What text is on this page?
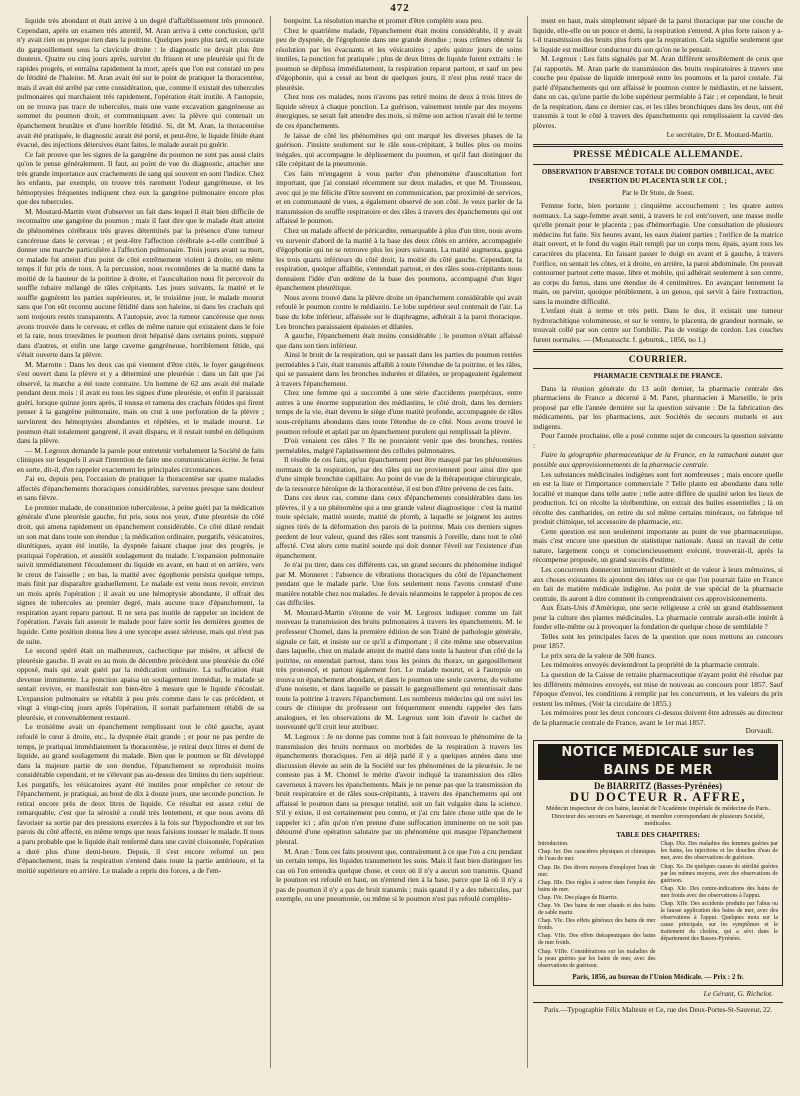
472

liquide très abondant et était arrivé à un degré d'affaiblissement très prononcé. Cependant, après un examen très attentif, M. Aran arriva à cette conclusion, qu'il n'y avait rien ou presque rien dans la poitrine. Quelques jours plus tard, on constate du gargouillement sous la clavicule droite : le diagnostic ne devait plus être douteux. Quatre ou cinq jours après, survint du frisson et une pleurésie qui fit de rapides progrès, et entraîna rapidement la mort, après que l'on eut constaté un peu de fétidité de l'haleine. M. Aran avait été sur le point de pratiquer la thoracentèse, mais il avait été arrêté par cette considération, que, comme il existait des tubercules pulmonaires qui marchaient très rapidement, l'opération était inutile. A l'autopsie, on ne trouva pas trace de tubercules, mais une vaste excavation gangréneuse au sommet du poumon droit, et communiquant avec la plèvre qui contenait un épanchement brunâtre et d'une horrible fétidité. Si, dit M. Aran, la thoracentèse avait été pratiquée, le diagnostic aurait été porté, et peut-être, le liquide fétide étant évacué, des injections détersives étant faites, le malade aurait pu guérir.

Ce fait prouve que les signes de la gangrène du poumon ne sont pas aussi clairs qu'on le pense généralement. Il faut, au point de vue du diagnostic, attacher une très grande importance aux crachements de sang qui souvent en sont l'indice. Chez les enfants, par exemple, on trouve très rarement l'odeur gangréneuse, et les hémoptysies fréquentes indiquent chez eux la gangrène pulmonaire encore plus que des tubercules.

M. Moutard-Martin vient d'observer un fait dans lequel il était bien difficile de reconnaître une gangrène du poumon ; mais il faut dire que le malade était atteint de phénomènes cérébraux très graves déterminés par la présence d'une tumeur cancéreuse dans le cerveau ; et peut-être l'affection cérébrale a-t-elle contribué à donner une marche particulière à l'affection pulmonaire. Trois jours avant sa mort, ce malade fut atteint d'un point de côté extrêmement violent à droite, en même temps il fut pris de toux. A la percussion, nous reconnûmes de la matité dans la moitié de la hauteur de la poitrine à droite, et l'auscultation nous fit percevoir du souffle tubaire mélangé de râles crépitants. Les jours suivants, la matité et le souffle gagnèrent les parties supérieures, et, le troisième jour, le malade mourut sans que l'on eût reconnu aucune fétidité dans son haleine, ni dans les crachats qui sont toujours restés transparents. A l'autopsie, avec la tumeur cancéreuse que nous avons trouvée dans le cerveau, et celles de même nature qui existaient dans le foie et la rate, nous trouvâmes le poumon droit hépatisé dans certains points, suppuré dans d'autres, et enfin une large caverne gangréneuse, horriblement fétide, qui s'était ouverte dans la plèvre.

M. Marrotte : Dans les deux cas qui viennent d'être cités, le foyer gangréneux s'est ouvert dans la plèvre et y a déterminé une pleurésie : dans un fait que j'ai observé, la marche a été toute contraire. Un homme de 62 ans avait été malade pendant deux mois : il avait eu tous les signes d'une pleurésie, et enfin il paraissait guéri, lorsque quinze jours après, il toussa et ramena des crachats fétides qui firent penser à la gangrène pulmonaire, mais on crut à une perforation de la plèvre ; survinrent des hémoptysies abondantes et répétées, et le malade mourut. Le poumon était totalement gangrené, il avait disparu, et il restait tombé en déliquium dans la plèvre.

— M. Legroux demande la parole pour entretenir verbalement la Société de faits cliniques sur lesquels il avait l'intention de faire une communication écrite. Je ferai en sorte, dit-il, d'en rappeler exactement les principales circonstances.

J'ai eu, depuis peu, l'occasion de pratiquer la thoracentèse sur quatre malades affectés d'épanchements thoraciques considérables, survenus presque sans douleur et sans fièvre.

Le premier malade, de constitution tuberculeuse, à peine guéri par la médication générale d'une pleurésie gauche, fut pris, sous nos yeux, d'une pleurésie du côté droit, qui amena rapidement un épanchement considérable. Ce côté dilaté rendait un son mat dans toute son étendue ; la médication ordinaire, purgatifs, vésicatoires, diurétiques, ayant été inutile, la dyspnée faisant chaque jour des progrès, je pratiquai l'opération, et aussitôt soulagement du malade. L'expansion pulmonaire suivit immédiatement l'écoulement du liquide en avant, en haut et en arrière, vers le creux de l'aisselle ; en bas, la matité avec égophonie persista quelque temps, mais finit par disparaître graduellement. Le malade est venu nous revoir, environ un mois après l'opération ; il avait eu une hémoptysie abondante, il offrait des signes de tubercules au premier degré, mais aucune trace d'épanchement, la respiration ayant reparu partout. Il ne sera pas inutile de rappeler un incident de l'opération. J'avais fait asseoir le malade pour faire sortir les dernières gouttes de liquide. Cette position donna lieu à une syncope assez sérieuse, mais qui n'eut pas de suite.

Le second opéré était un malheureux, cachectique par misère, et affecté de pleurésie gauche. Il avait eu au mois de décembre précédent une pleurésie du côté opposé, mais qui avait guéri par la médication ordinaire. La suffocation était devenue imminente. La ponction apaisa un soulagement immédiat, le malade se sentait revivre, et manifestait son bien-être à mesure que le liquide s'écoulait. L'expansion pulmonaire se rétablit à peu près comme dans le cas précédent, et vingt à vingt-cinq jours après l'opération, il sortait parfaitement rétabli de sa pleurésie, et convenablement restauré.

Le troisième avait un épanchement remplissant tout le côté gauche, ayant refoulé le cœur à droite, etc., la dyspnée était grande ; et pour ne pas perdre de temps, je pratiquai immédiatement la thoracentèse, je retirai deux litres et demi de liquide, au grand soulagement du malade. Bien que le poumon se fût développé dans la majeure partie de son étendue, l'épanchement se reproduisit moins considérable cependant, et ne s'élevant pas au-dessus des limites du tiers supérieur. Les purgatifs, les vésicatoires ayant été inutiles pour empêcher ce retour de l'épanchement, je pratiquai, au bout de dix à douze jours, une seconde ponction. Je retirai encore près de deux litres de liquide. Ce résultat est assez celui de remarquable, c'est que la sérosité a coulé très lentement, et que nous avons dû favoriser sa sortie par des pressions exercées à la fois sur l'hypochondre et sur les parois du côté affecté, en même temps que nous faisions tousser le malade. Il nous a paru probable que le liquide était renfermé dans une cavité cloisonnée, l'opération a duré plus d'une demi-heure. Depuis, il s'est encore reformé un peu d'épanchement, mais la respiration s'entend dans toute la partie antérieure, et la moitié supérieure en arrière. Le malade a repris des forces, a de l'em-

bonpoint. La résolution marche et promet d'être complète sous peu.

Chez le quatrième malade, l'épanchement était moins considérable, il y avait peu de dyspnée, de l'égophonie dans une grande étendue ; nous crûmes obtenir la résolution par les évacuants et les vésicatoires ; après quinze jours de soins inutiles, la ponction fut pratiquée ; plus de deux litres de liquide furent extraits : le poumon se déplissa immédiatement, la respiration reparut partout, et sauf un peu d'égophonie, qui a cessé au bout de quelques jours, il n'est plus resté trace de pleurésie.

Chez tous ces malades, nous n'avons pas retiré moins de deux à trois litres de liquide séreux à chaque ponction. La guérison, vainement tentée par des moyens énergiques, se serait fait attendre des mois, si même son action n'avait été le terme de ces épanchements.

Je laisse de côté les phénomènes qui ont marqué les diverses phases de la guérison. J'insiste seulement sur le râle sous-crépitant, à bulles plus ou moins inégales, qui accompagne le déplissement du poumon, et qu'il faut distinguer du râle crépitant de la pneumonie.

Ces faits m'engagent à vous parler d'un phénomène d'auscultation fort important, que j'ai constaté récemment sur deux malades, et que M. Trousseau, avec qui je me félicite d'être souvent en communication, par proximité de services, et en communauté de vues, a également observé de son côté. Je veux parler de la transmission du souffle respiratoire et des râles à travers des épanchements qui ont affaissé le poumon.

Chez un malade affecté de péricardite, remarquable à plus d'un titre, nous avons vu survenir d'abord de la matité à la base des deux côtés en arrière, accompagnée d'égophonie qui ne se retrouve plus les jours suivants. La matité augmenta, gagna les trois quarts inférieurs du côté droit, la moitié du côté gauche. Cependant, la respiration, quoique affaiblie, s'entendait partout, et des râles sous-crépitants nous donnaient l'idée d'un œdème de la base des poumons, accompagné d'un léger épanchement pleurétique.

Nous avons trouvé dans la plèvre droite un épanchement considérable qui avait refoulé le poumon contre le médiastin. Le lobe supérieur seul contenait de l'air. La base du lobe inférieur, affaissée sur le diaphragme, adhérait à la paroi thoracique. Les bronches paraissaient épaissies et dilatées.

A gauche, l'épanchement était moins considérable ; le poumon n'était affaissé que dans son tiers inférieur.

Ainsi le bruit de la respiration, qui se passait dans les parties du poumon restées perméables à l'air, était transmis affaibli à toute l'étendue de la poitrine, et les râles, qui se passaient dans les bronches indurées et dilatées, se propageaient également à travers l'épanchement.

Chez une femme qui a succombé à une série d'accidents puerpéraux, entre autres à une énorme suppuration des médiastins, le côté droit, dans les derniers temps de la vie, était devenu le siège d'une matité profonde, accompagnée de râles sous-crépitants abondants dans toute l'étendue de ce côté. Nous avons trouvé le poumon refoulé et aplati par un épanchement purulent qui remplissait la plèvre.

D'où venaient ces râles ? Ils ne pouvaient venir que des bronches, restées perméables, malgré l'aplatissement des cellules pulmonaires.

Il résulte de ces faits, qu'un épanchement peut être masqué par les phénomènes normaux de la respiration, par des râles qui ne proviennent pour ainsi dire que d'une simple bronchite capillaire. Au point de vue de la thérapeutique chirurgicale, de la ressource héroïque de la thoracentèse, il est bon d'être prévenu de ces faits.

Dans ces deux cas, comme dans ceux d'épanchements considérables dans les plèvres, il y a un phénomène qui a une grande valeur diagnostique : c'est la matité toute spéciale, matité sourde, matité de plomb, à laquelle se joignent les autres signes tirés de la déformation des parois de la poitrine. Mais ces derniers signes perdent de leur valeur, quand des râles sont transmis à l'oreille, dans tout le côté affecté. C'est alors cette matité sourde qui doit donner l'éveil sur l'existence d'un épanchement.

Je n'ai pu tirer, dans ces différents cas, un grand secours du phénomène indiqué par M. Monneret : l'absence de vibrations thoraciques du côté de l'épanchement pendant que le malade parle. Une fois seulement nous l'avons constaté d'une manière notable chez nos malades. Je devais néanmoins le rappeler à propos de ces cas difficiles.

M. Moutard-Martin s'étonne de voir M. Legroux indiquer comme un fait nouveau la transmission des bruits pulmonaires à travers les épanchements. M. le professeur Chomel, dans la première édition de son Traité de pathologie générale, signale ce fait, et insiste sur ce qu'il a d'important ; il cite même une observation dans laquelle, chez un malade atteint de matité dans toute la hauteur d'un côté de la poitrine, on entendait partout, dans tous les points du thorax, un gargouillement très prononcé, et partout également fort. Le malade mourut, et à l'autopsie on trouva un épanchement abondant, et dans le poumon une seule caverne, du volume d'une noisette, et dans laquelle se passait le gargouillement qui retentissait dans toute la poitrine à travers l'épanchement. Les nombreux médecins qui ont suivi les cours de clinique du professeur ont fréquemment entendu rappeler des faits analogues, et les observations de M. Legroux sont loin d'avoir le cachet de nouveauté qu'il croit leur attribuer.

M. Legroux : Je ne donne pas comme tout à fait nouveau le phénomène de la transmission des bruits normaux ou morbides de la respiration à travers les épanchements thoraciques. J'en ai déjà parlé il y a quelques années dans une discussion élevée au sein de la Société sur les phénomènes de la pleurésie. Je ne conteste pas à M. Chomel le mérite d'avoir indiqué la transmission des râles caverneux à travers les épanchements. Mais je ne pense pas que la transmission du bruit respiratoire et de râles sous-crépitants, à travers des épanchements qui ont affaissé le poumon dans sa presque totalité, soit un fait vulgaire dans la science. S'il y existe, il est certainement peu connu, et j'ai cru faire chose utile que de le rappeler ici ; afin qu'on n'en prenne d'une suffocation imminente on ne soit pas détourné d'une opération salutaire par un phénomène qui masque l'épanchement pleural.

M. Aran : Tous ces faits prouvent que, contrairement à ce que l'on a cru pendant un certain temps, les liquides transmettent les sons. Mais il faut bien distinguer les cas où l'on entendra quelque chose, et ceux où il n'y a aucun son transmis. Quand le poumon est refoulé en haut, on n'entend rien à la base, parce que là où il n'y a pas de poumon il n'y a pas de bruit transmis ; mais quand il y a des tubercules, par exemple, ou une pneumonie, ou même si le poumon n'est pas refoulé complète-

ment en haut, mais simplement séparé de la paroi thoracique par une couche de liquide, elle-elle ou un pouce et demi, la respiration s'entend. A plus forte raison y a-t-il transmission des bruits plus forts que la respiration. Cela signifie seulement que le liquide est meilleur conducteur du son qu'on ne le pensait.

M. Legroux : Les faits signalés par M. Aran diffèrent sensiblement de ceux que j'ai rapportés. M. Aran parle de transmission des bruits respiratoires à travers une couche peu épaisse de liquide interposé entre les poumons et la paroi costale. J'ai parlé d'épanchements qui ont affaissé le poumon contre le médiastin, et ne laissent, dans un cas, qu'une partie du lobe supérieur perméable à l'air ; et cependant, le bruit de la respiration, dans ce dernier cas, et les râles bronchiques dans les deux, ont été transmis à tout le côté à travers des épanchements qui remplissaient la cavité des plèvres.

Le secrétaire, Dr E. Moutard-Martin.
PRESSE MÉDICALE ALLEMANDE.
OBSERVATION D'ABSENCE TOTALE DU CORDON OMBILICAL, AVEC INSERTION DU PLACENTA SUR LE COL ;
Par le Dr Stute, de Soest.

Femme forte, bien portante ; cinquième accouchement ; les quatre autres normaux. La sage-femme avait senti, à travers le col entr'ouvert, une masse molle qu'elle prenait pour le placenta ; pas d'hémorrhagie. Une consultation de plusieurs médecins fut faite. Six heures avant, les eaux étaient parties ; l'orifice de la matrice était ouvert, et le fond du vagin était rempli par un corps mou, épais, ayant tous les caractères du placenta. En faisant passer le doigt en avant et à gauche, à travers l'orifice, on sentait les côtes, et à droite, en arrière, la paroi abdominale. On pouvait contourner partout cette masse, libre et mobile, qui adhérait seulement à son centre, au corps du fœtus, dans une étendue de 4 centimètres. En avançant lentement la main, on parvint, quoique péniblement, à un genou, qui servit à faire l'extraction, sans la moindre difficulté.

L'enfant était à terme et très petit. Dans le dos, il existait une tumeur hydrorachitique volumineuse, et sur le ventre, le placenta, de grandeur normale, se trouvait collé par son centre sur l'ombilic. Pas de vestige de cordon. Les couches furent normales. — (Monatsschr. f. geburtsk., 1856, no 1.)

COURRIER.
PHARMACIE CENTRALE DE FRANCE.

Dans la réunion générale du 13 août dernier, la pharmacie centrale des pharmaciens de France a décerné à M. Paret, pharmacien à Marseille, le prix proposé par elle l'année dernière sur la question suivante : De la fabrication des médicaments, par les pharmaciens, aux Sociétés de secours mutuels et aux indigents.

Pour l'année prochaine, elle a posé comme sujet de concours la question suivante :

Faire la géographie pharmaceutique de la France, en la rattachant autant que possible aux approvisionnements de la pharmacie centrale.

Les substances médicinales indigènes sont fort nombreuses ; mais encore quelle en est la liste et l'importance commerciale ? Telle plante est abondante dans telle localité et manque dans telle autre ; telle autre diffère de qualité selon les lieux de production. Ici on récolte la térébenthine, on extrait des huiles essentielles ; là on récolte des cantharides, on retire du sol même certains minéraux, ou fabrique tel produit chimique, tel accessoire de pharmacie, etc.

Cette question est non seulement importante au point de vue pharmaceutique, mais c'est encore une question de statistique nationale. Aussi un travail de cette nature, largement conçu et consciencieusement exécuté, trouverait-il, après la récompense proposée, un grand succès d'estime.

Les concurrents donneront intimement d'intérêt et de valeur à leurs mémoires, si aux choses existantes ils ajoutent des idées sur ce que l'on pourrait faire en France en fait de matière médicale indigène. Au point de vue spécial de la pharmacie centrale, ils auront à dire comment ils comprendraient ces approvisionnements.

Aux États-Unis d'Amérique, une secte religieuse a créé un grand établissement pour la culture des plantes médicinales. La pharmacie centrale aurait-elle intérêt à fonder elle-même ou à provoquer la fondation de quelque chose de semblable ?

Telles sont les principales faces de la question que nous mettons au concours pour 1857.

Le prix sera de la valeur de 500 francs.

Les mémoires envoyés devientdront la propriété de la pharmacie centrale.

La question de la Caisse de retraite pharmaceutique n'ayant point été résolue par les différents mémoires envoyés, est mise de nouveau au concours pour 1857. Sauf l'époque d'envoi, les conditions à remplir par les concurrents, et les valeurs du prix restent les mêmes. (Voir la circulaire de 1855.)

Les mémoires pour les deux concours ci-dessus doivent être adressés au directeur de la pharmacie centrale de France, avant le 1er mai 1857.

Dorvault.
NOTICE MÉDICALE sur les BAINS DE MER
De BIARRITZ (Basses-Pyrénées)
DU DOCTEUR R. AFFRE,
Médecin inspecteur de ces bains, lauréat de l'Académie impériale de médecine de Paris. Directeur des secours en Sauvetage, et membre correspondant de plusieurs Société, médicales.
TABLE DES CHAPITRES:
Introduction.
Chap. Ier. Des caractères physiques et chimiques de l'eau de mer.
Chap. IIe. Des divers moyens d'employer l'eau de mer.
Chap. IIIe. Des règles à suivre dans l'emploi des bains de mer.
Chap. IVe. Des plages de Biarritz.
Chap. Ve. Des bains de mer chauds et des bains de sable marin.
Chap. VIe. Des effets généraux des bains de mer froids.
Chap. VIIe. Des effets thérapeutiques des bains de mer froids.
Chap. VIIIe. Considérations sur les maladies de la peau guéries par les bains de mer, avec des observations de guérison.
Chap. IXe. Des maladies des femmes guéries par les bains, les injections et les douches d'eau de mer, avec des observations de guérison.
Chap. Xe. De quelques causes de stérilité guéries par les mêmes moyens, avec des observations de guérison.
Chap. XIe. Des contre-indications des bains de mer froids avec des observations à l'appui.
Chap. XIIe. Des accidents produits par l'abus ou la fausse application des bains de mer, avec des observations à l'appui. Quelques mots sur la cause principale, sur les symptômes et le traitement du choléra, qui a sévi dans le département des Basses-Pyrénées.
Paris, 1856, au bureau de l'Union Médicale. — Prix : 2 fr.
Le Gérant, G. Richelot.
Paris.—Typographie Félix Malteste et Ce, rue des Deux-Portes-St-Sauveur, 22.
